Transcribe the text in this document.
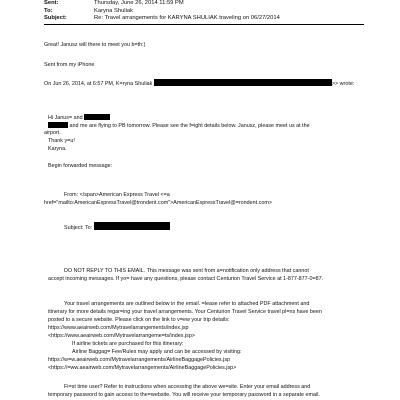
Sent:	Thursday, June 26, 2014 11:59 PM
To:	Karyna Shuliak
Subject:	Re: Travel arrangements for KARYNA SHULIAK traveling on 06/27/2014
Great! Janusz will there to meet you b=th:)
Sent from my iPhone
On Jun 26, 2014, at 6:57 PM, K=ryna Shuliak	>> wrote:
Hi Janus= and
and me are flying to PB tomorrow. Please see the f=ight details below. Janusz, please meet us at the
airport.
Thank y=u!
Karyna.
Begin forwarded message:
From: </span>American Express Travel <=a
href="mailto:AmericanExpressTravel@trondent.com">AmericanExpressTravel@=rondent.com>
Subject: To:
DO NOT REPLY TO THIS EMAIL. This message was sent from a=notification only address that cannot
accept incoming messages. If yo= have any questions, please contact Centurion Travel Service at 1-877-877-0=87.
Your travel arrangements are outlined below in the email. =lease refer to attached PDF attachment and
itinerary for more details regar=ing your travel arrangements. Your Centurion Travel Service travel pl=ns have been
posted to a secure website. Please click on the link to v=ew your trip details:
https://www.aeairweb.com/Mytravelarrangements/index.jsp
<https://www.aeairweb.com/Mytravelarrangeme=ts/index.jsp>
If airline tickets are purchased for this itinerary:
Airline Baggag= Fee/Rules may apply and can be accessed by visiting:
https://w=w.aeairweb.com/Mytravelarrangements/AirlineBaggagePolicies.jsp
<https://=ww.aeairweb.com/Mytravelarrangements/AirlineBaggagePolicies.jsp>
Fi=st time user? Refer to instructions when accessing the above we=site. Enter your email address and
temporary password to gain access to the=website. You will receive your temporary password in a separate email.
